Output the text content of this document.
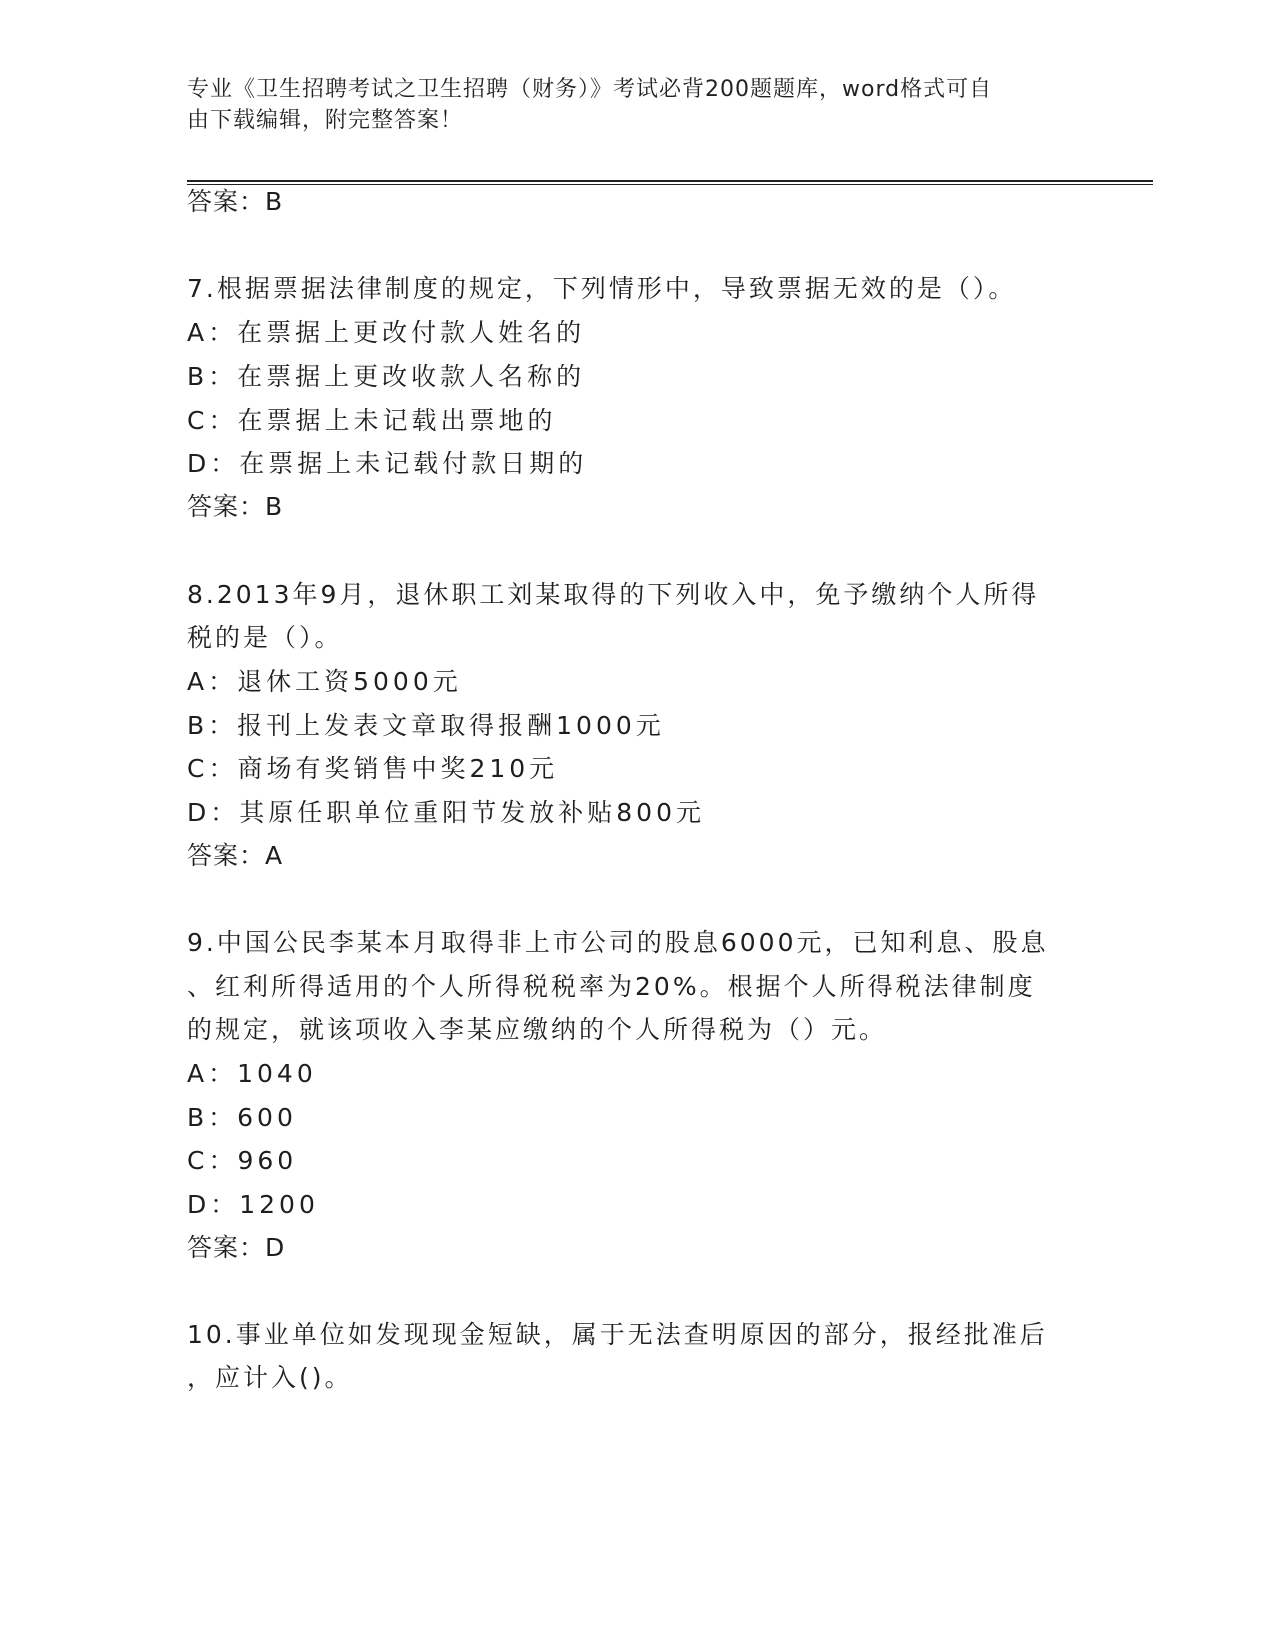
专业《卫生招聘考试之卫生招聘（财务）》考试必背200题题库，word格式可自
由下载编辑，附完整答案！
答案：B
7.根据票据法律制度的规定，下列情形中，导致票据无效的是（）。
A：在票据上更改付款人姓名的
B：在票据上更改收款人名称的
C：在票据上未记载出票地的
D：在票据上未记载付款日期的
答案：B
8.2013年9月，退休职工刘某取得的下列收入中，免予缴纳个人所得
税的是（）。
A：退休工资5000元
B：报刊上发表文章取得报酬1000元
C：商场有奖销售中奖210元
D：其原任职单位重阳节发放补贴800元
答案：A
9.中国公民李某本月取得非上市公司的股息6000元，已知利息、股息
、红利所得适用的个人所得税税率为20%。根据个人所得税法律制度
的规定，就该项收入李某应缴纳的个人所得税为（）元。
A：1040
B：600
C：960
D：1200
答案：D
10.事业单位如发现现金短缺，属于无法查明原因的部分，报经批准后
，应计入()。
